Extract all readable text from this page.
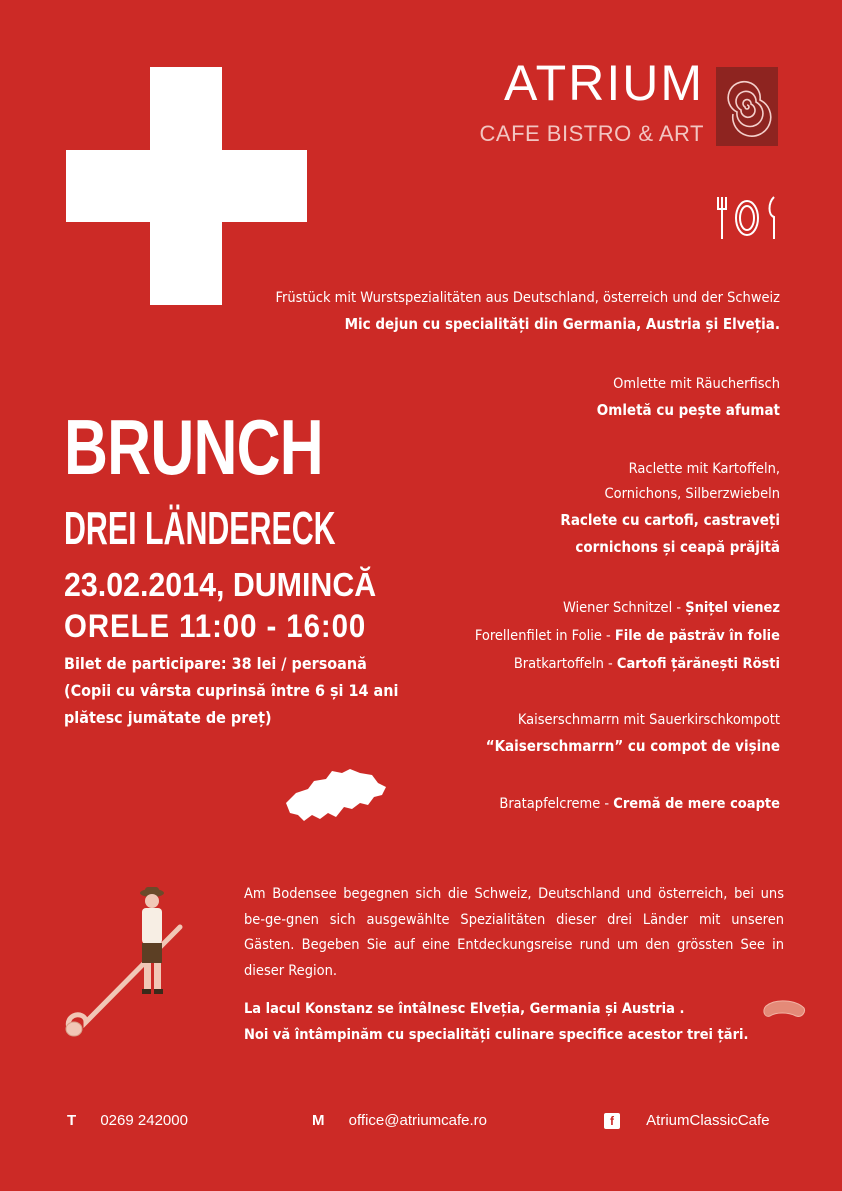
ATRIUM
CAFE BISTRO & ART
Früstück mit Wurstspezialitäten aus Deutschland, österreich und der Schweiz
Mic dejun cu specialități din Germania, Austria și Elveția.
Omlette mit Räucherfisch
Omletă cu pește afumat
Raclette mit Kartoffeln,
Cornichons, Silberzwiebeln
Raclete cu cartofi, castraveți
cornichons și ceapă prăjită
Wiener Schnitzel - Șnițel vienez
Forellenfilet in Folie - File de păstrăv în folie
Bratkartoffeln - Cartofi țărănești Rösti
Kaiserschmarrn mit Sauerkirschkompott
“Kaiserschmarrn” cu compot de vișine
Bratapfelcreme - Cremă de mere coapte
BRUNCH
DREI LÄNDERECK
23.02.2014, DUMINCĂ
ORELE 11:00 - 16:00
Bilet de participare: 38 lei / persoană
(Copii cu vârsta cuprinsă între 6 și 14 ani plătesc jumătate de preț)
Am Bodensee begegnen sich die Schweiz, Deutschland und österreich, bei uns be-ge-gnen sich ausgewählte Spezialitäten dieser drei Länder mit unseren Gästen. Begeben Sie auf eine Entdeckungsreise rund um den grössten See in dieser Region.
La lacul Konstanz se întâlnesc Elveția, Germania și Austria .
Noi vă întâmpinăm cu specialități culinare specifice acestor trei țări.
T 0269 242000	M office@atriumcafe.ro	f AtriumClassicCafe
